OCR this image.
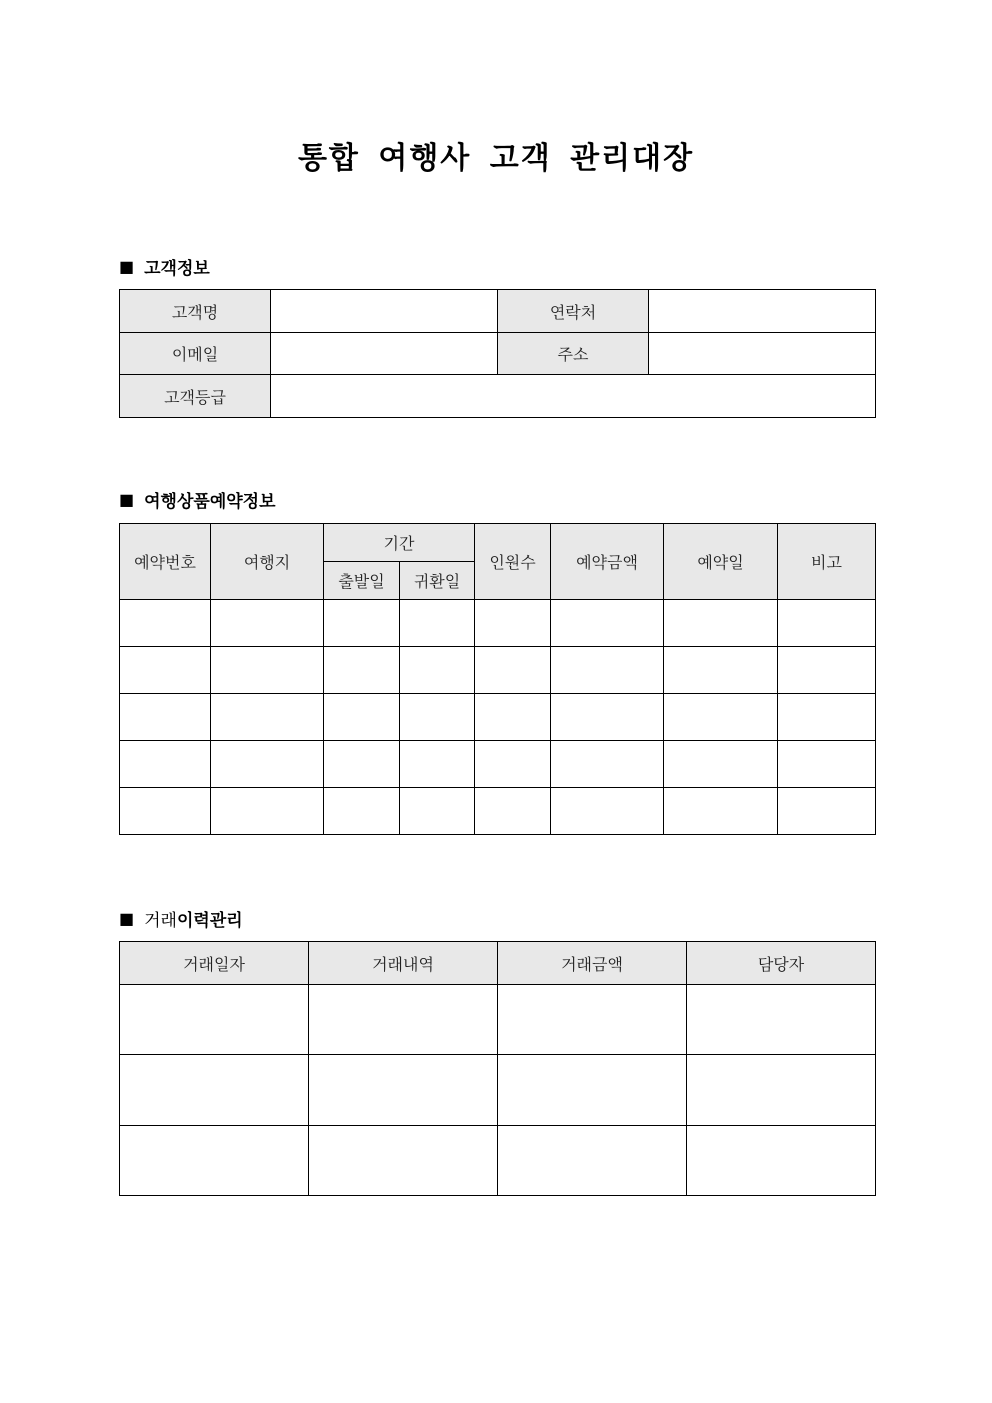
통합 여행사 고객 관리대장
■ 고객정보
고객명		연락처	
이메일		주소	
고객등급			
■ 여행상품예약정보
예약번호	여행지	기간		인원수	예약금액	예약일	비고
		출발일	귀환일				

■ 거래 이력관리
거래일자	거래내역	거래금액	담당자
